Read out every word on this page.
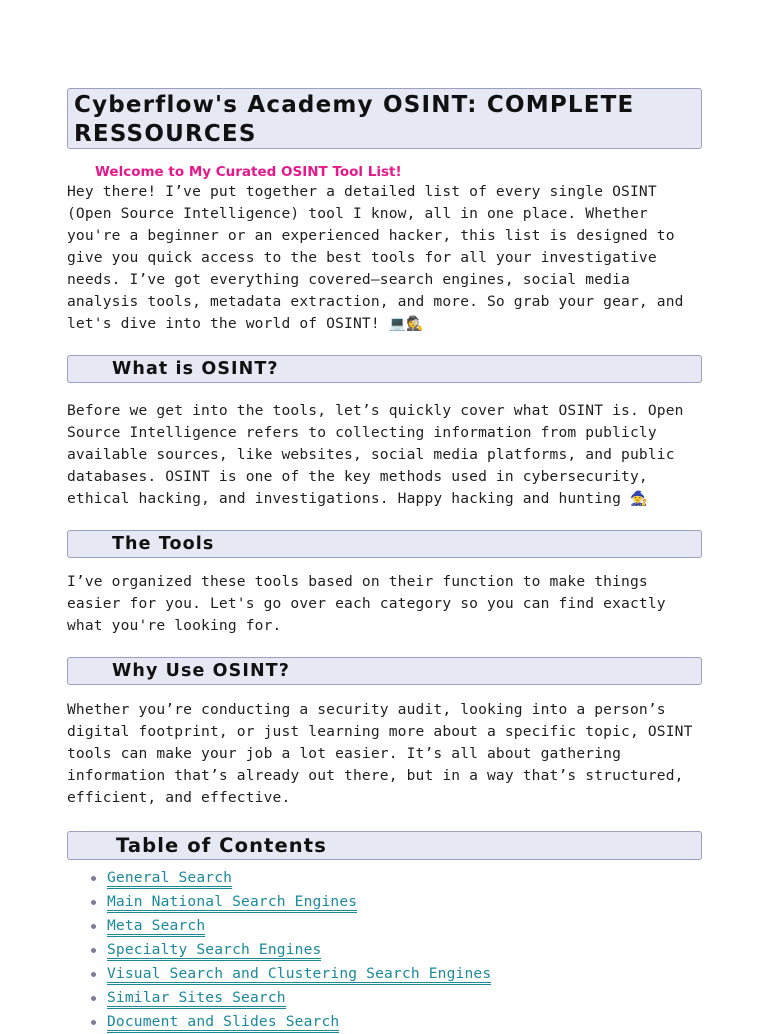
Cyberflow's Academy OSINT: COMPLETE RESSOURCES
Welcome to My Curated OSINT Tool List!

Hey there! I’ve put together a detailed list of every single OSINT (Open Source Intelligence) tool I know, all in one place. Whether you're a beginner or an experienced hacker, this list is designed to give you quick access to the best tools for all your investigative needs. I’ve got everything covered—search engines, social media analysis tools, metadata extraction, and more. So grab your gear, and let's dive into the world of OSINT! 💻🕵

What is OSINT?

Before we get into the tools, let’s quickly cover what OSINT is. Open Source Intelligence refers to collecting information from publicly available sources, like websites, social media platforms, and public databases. OSINT is one of the key methods used in cybersecurity, ethical hacking, and investigations. Happy hacking and hunting 🧙

The Tools

I’ve organized these tools based on their function to make things easier for you. Let's go over each category so you can find exactly what you're looking for.

Why Use OSINT?

Whether you’re conducting a security audit, looking into a person’s digital footprint, or just learning more about a specific topic, OSINT tools can make your job a lot easier. It’s all about gathering information that’s already out there, but in a way that’s structured, efficient, and effective.

Table of Contents
General Search
Main National Search Engines
Meta Search
Specialty Search Engines
Visual Search and Clustering Search Engines
Similar Sites Search
Document and Slides Search
